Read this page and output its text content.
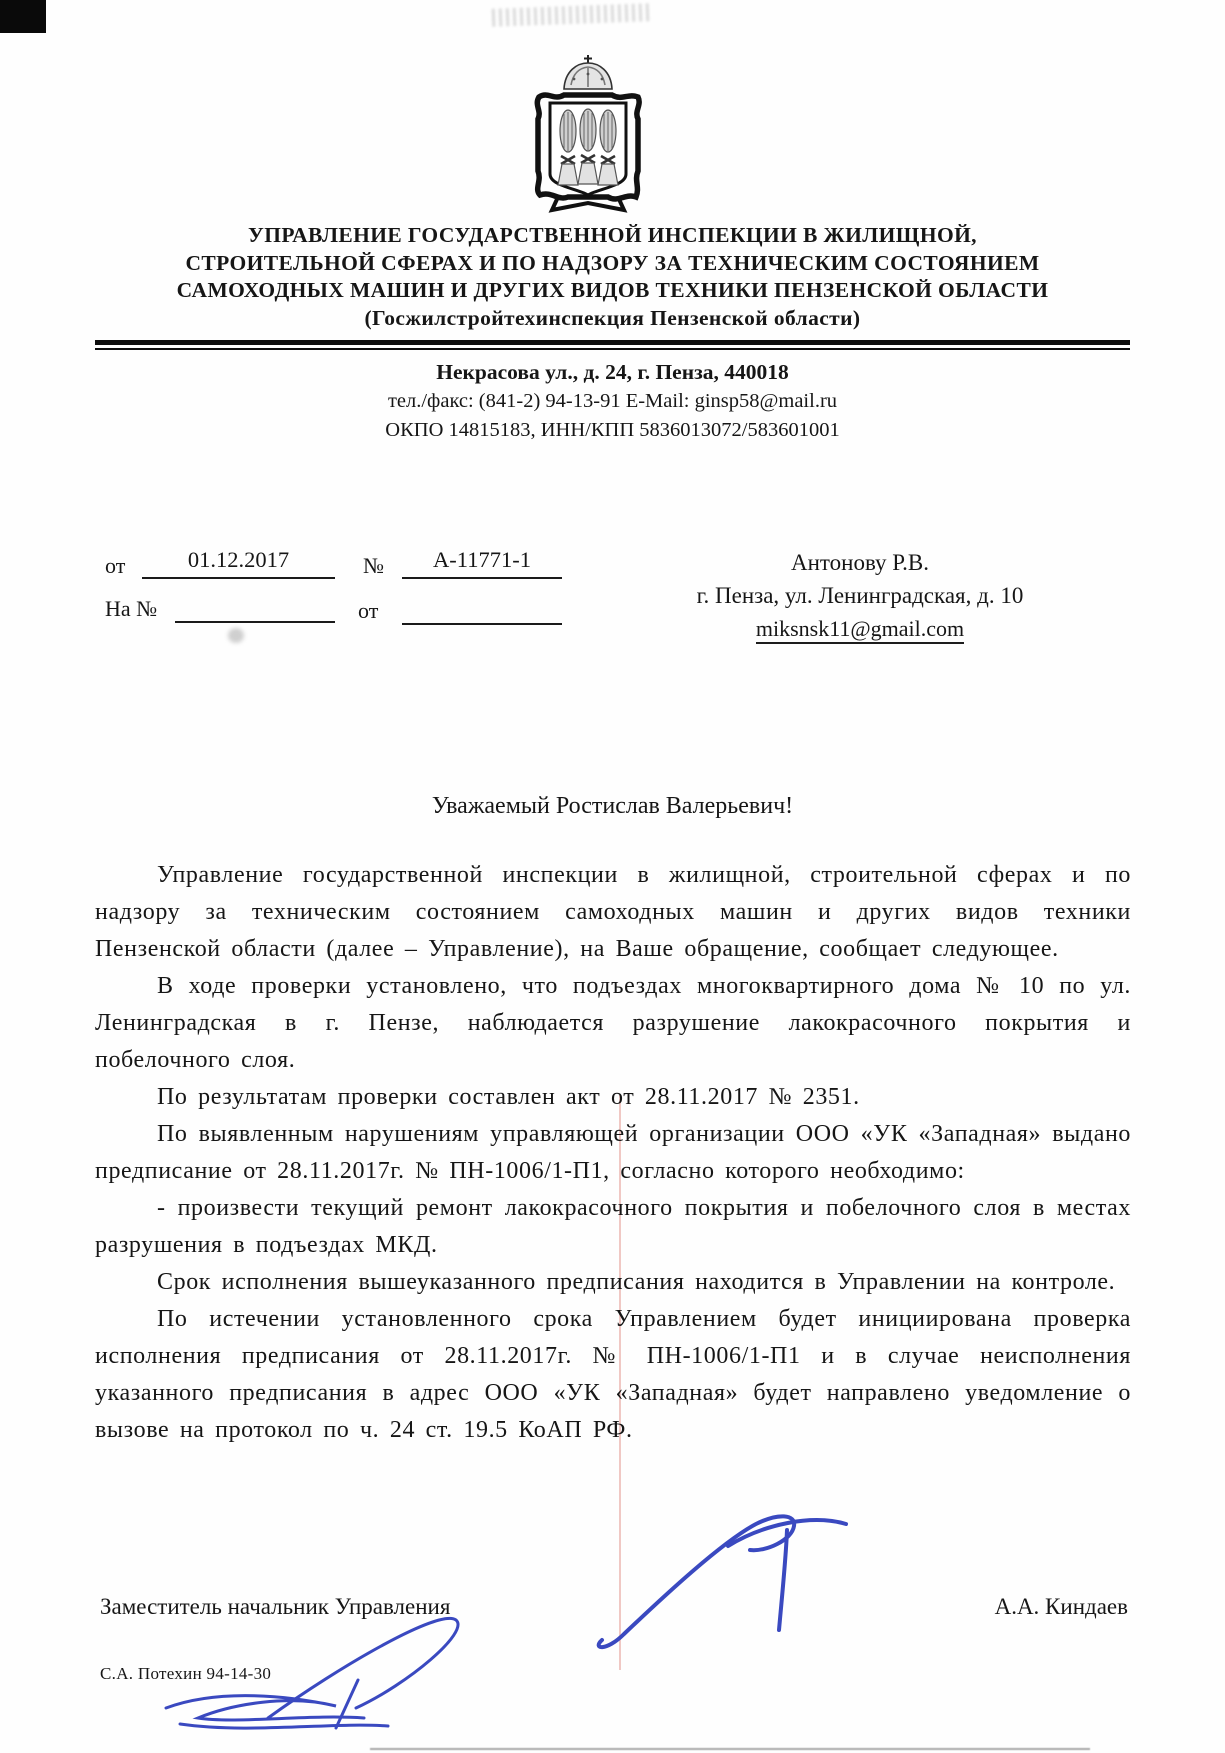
УПРАВЛЕНИЕ ГОСУДАРСТВЕННОЙ ИНСПЕКЦИИ В ЖИЛИЩНОЙ,
СТРОИТЕЛЬНОЙ СФЕРАХ И ПО НАДЗОРУ ЗА ТЕХНИЧЕСКИМ СОСТОЯНИЕМ
САМОХОДНЫХ МАШИН И ДРУГИХ ВИДОВ ТЕХНИКИ ПЕНЗЕНСКОЙ ОБЛАСТИ
(Госжилстройтехинспекция Пензенской области)
Некрасова ул., д. 24, г. Пенза, 440018
тел./факс: (841-2) 94-13-91 E-Mail: ginsp58@mail.ru
ОКПО 14815183, ИНН/КПП 5836013072/583601001
от	01.12.2017	№	А-11771-1
На №	от
Антонову Р.В.
г. Пенза, ул. Ленинградская, д. 10
miksnsk11@gmail.com
Уважаемый Ростислав Валерьевич!

Управление государственной инспекции в жилищной, строительной сферах и по надзору за техническим состоянием самоходных машин и других видов техники Пензенской области (далее – Управление), на Ваше обращение, сообщает следующее.

В ходе проверки установлено, что подъездах многоквартирного дома № 10 по ул. Ленинградская в г. Пензе, наблюдается разрушение лакокрасочного покрытия и побелочного слоя.

По результатам проверки составлен акт от 28.11.2017 № 2351.

По выявленным нарушениям управляющей организации ООО «УК «Западная» выдано предписание от 28.11.2017г. № ПН-1006/1-П1, согласно которого необходимо:

- произвести текущий ремонт лакокрасочного покрытия и побелочного слоя в местах разрушения в подъездах МКД.

Срок исполнения вышеуказанного предписания находится в Управлении на контроле.

По истечении установленного срока Управлением будет инициирована проверка исполнения предписания от 28.11.2017г. № ПН-1006/1-П1 и в случае неисполнения указанного предписания в адрес ООО «УК «Западная» будет направлено уведомление о вызове на протокол по ч. 24 ст. 19.5 КоАП РФ.

Заместитель начальник Управления	А.А. Киндаев
С.А. Потехин 94-14-30
